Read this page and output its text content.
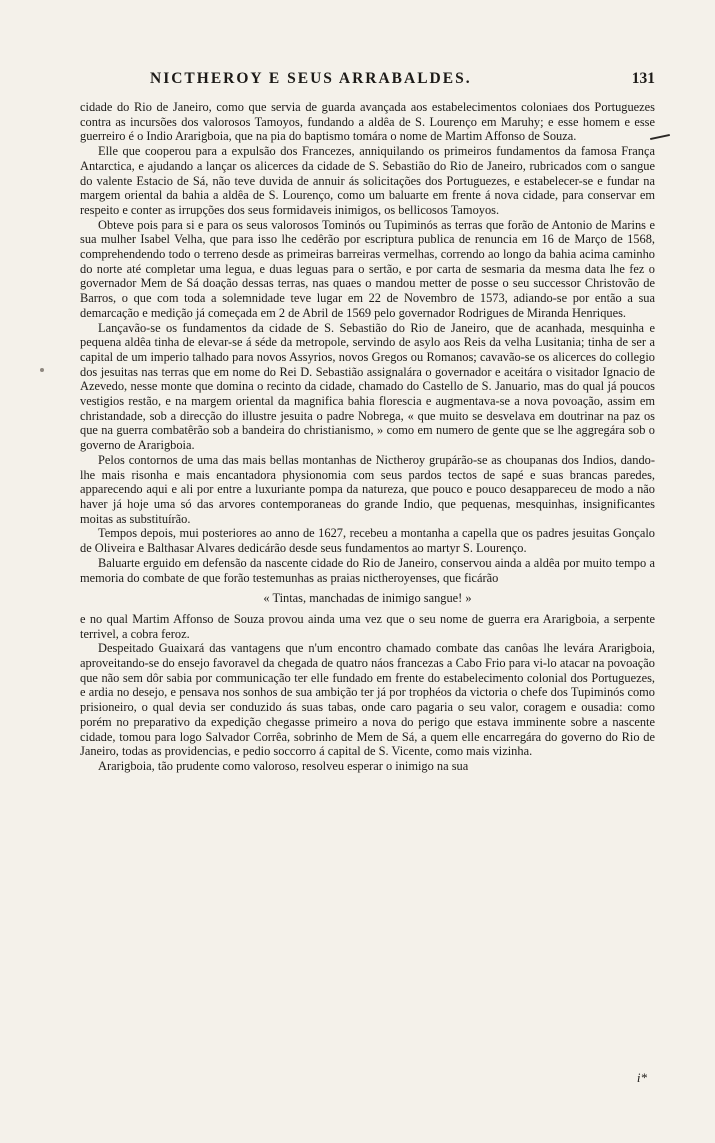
NICTHEROY E SEUS ARRABALDES.	131

cidade do Rio de Janeiro, como que servia de guarda avançada aos estabelecimentos coloniaes dos Portuguezes contra as incursões dos valorosos Tamoyos, fundando a aldêa de S. Lourenço em Maruhy; e esse homem e esse guerreiro é o Indio Ararigboia, que na pia do baptismo tomára o nome de Martim Affonso de Souza.

Elle que cooperou para a expulsão dos Francezes, anniquilando os primeiros fundamentos da famosa França Antarctica, e ajudando a lançar os alicerces da cidade de S. Sebastião do Rio de Janeiro, rubricados com o sangue do valente Estacio de Sá, não teve duvida de annuir ás solicitações dos Portuguezes, e estabelecer-se e fundar na margem oriental da bahia a aldêa de S. Lourenço, como um baluarte em frente á nova cidade, para conservar em respeito e conter as irrupções dos seus formidaveis inimigos, os bellicosos Tamoyos.

Obteve pois para si e para os seus valorosos Tominós ou Tupiminós as terras que forão de Antonio de Marins e sua mulher Isabel Velha, que para isso lhe cedêrão por escriptura publica de renuncia em 16 de Março de 1568, comprehendendo todo o terreno desde as primeiras barreiras vermelhas, correndo ao longo da bahia acima caminho do norte até completar uma legua, e duas leguas para o sertão, e por carta de sesmaria da mesma data lhe fez o governador Mem de Sá doação dessas terras, nas quaes o mandou metter de posse o seu successor Christovão de Barros, o que com toda a solemnidade teve lugar em 22 de Novembro de 1573, adiando-se por então a sua demarcação e medição já começada em 2 de Abril de 1569 pelo governador Rodrigues de Miranda Henriques.

Lançavão-se os fundamentos da cidade de S. Sebastião do Rio de Janeiro, que de acanhada, mesquinha e pequena aldêa tinha de elevar-se á séde da metropole, servindo de asylo aos Reis da velha Lusitania; tinha de ser a capital de um imperio talhado para novos Assyrios, novos Gregos ou Romanos; cavavão-se os alicerces do collegio dos jesuitas nas terras que em nome do Rei D. Sebastião assignalára o governador e aceitára o visitador Ignacio de Azevedo, nesse monte que domina o recinto da cidade, chamado do Castello de S. Januario, mas do qual já poucos vestigios restão, e na margem oriental da magnifica bahia florescia e augmentava-se a nova povoação, assim em christandade, sob a direcção do illustre jesuita o padre Nobrega, « que muito se desvelava em doutrinar na paz os que na guerra combatêrão sob a bandeira do christianismo, » como em numero de gente que se lhe aggregára sob o governo de Ararigboia.

Pelos contornos de uma das mais bellas montanhas de Nictheroy grupárão-se as choupanas dos Indios, dando-lhe mais risonha e mais encantadora physionomia com seus pardos tectos de sapé e suas brancas paredes, apparecendo aqui e ali por entre a luxuriante pompa da natureza, que pouco e pouco desappareceu de modo a não haver já hoje uma só das arvores contemporaneas do grande Indio, que pequenas, mesquinhas, insignificantes moitas as substituírão.

Tempos depois, mui posteriores ao anno de 1627, recebeu a montanha a capella que os padres jesuitas Gonçalo de Oliveira e Balthasar Alvares dedicárão desde seus fundamentos ao martyr S. Lourenço.

Baluarte erguido em defensão da nascente cidade do Rio de Janeiro, conservou ainda a aldêa por muito tempo a memoria do combate de que forão testemunhas as praias nictheroyenses, que ficárão

« Tintas, manchadas de inimigo sangue! »

e no qual Martim Affonso de Souza provou ainda uma vez que o seu nome de guerra era Ararigboia, a serpente terrivel, a cobra feroz.

Despeitado Guaixará das vantagens que n'um encontro chamado combate das canôas lhe levára Ararigboia, aproveitando-se do ensejo favoravel da chegada de quatro náos francezas a Cabo Frio para vi-lo atacar na povoação que não sem dôr sabia por communicação ter elle fundado em frente do estabelecimento colonial dos Portuguezes, e ardia no desejo, e pensava nos sonhos de sua ambição ter já por trophéos da victoria o chefe dos Tupiminós como prisioneiro, o qual devia ser conduzido ás suas tabas, onde caro pagaria o seu valor, coragem e ousadia: como porém no preparativo da expedição chegasse primeiro a nova do perigo que estava imminente sobre a nascente cidade, tomou para logo Salvador Corrêa, sobrinho de Mem de Sá, a quem elle encarregára do governo do Rio de Janeiro, todas as providencias, e pedio soccorro á capital de S. Vicente, como mais vizinha.

Ararigboia, tão prudente como valoroso, resolveu esperar o inimigo na sua

i*
